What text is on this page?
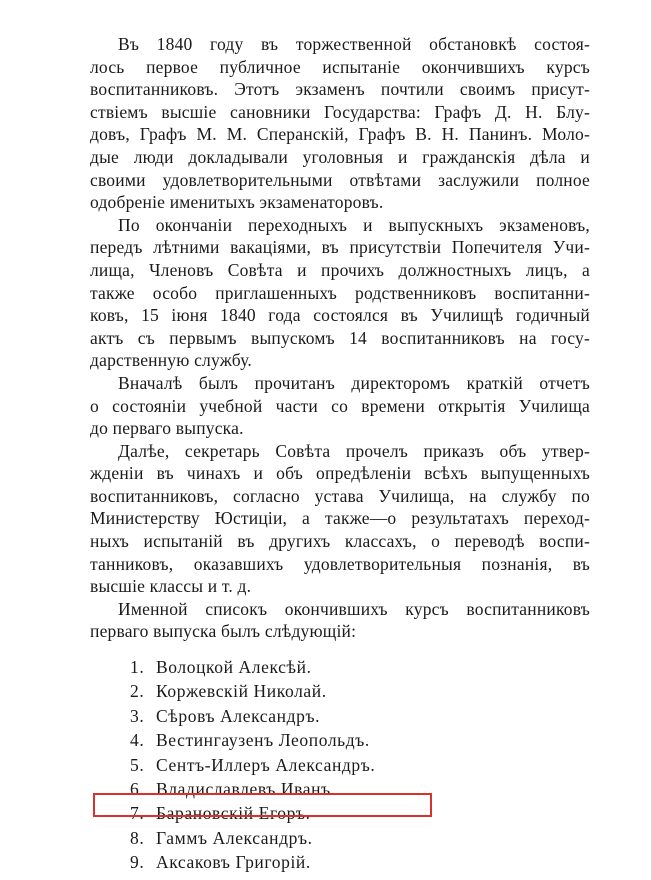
Въ 1840 году въ торжественной обстановкѣ состоя-
лось первое публичное испытаніе окончившихъ курсъ
воспитанниковъ. Этотъ экзаменъ почтили своимъ присут-
ствіемъ высшіе сановники Государства: Графъ Д. Н. Блу-
довъ, Графъ М. М. Сперанскій, Графъ В. Н. Панинъ. Моло-
дые люди докладывали уголовныя и гражданскія дѣла и
своими удовлетворительными отвѣтами заслужили полное
одобреніе именитыхъ экзаменаторовъ.
По окончаніи переходныхъ и выпускныхъ экзаменовъ,
передъ лѣтними вакаціями, въ присутствіи Попечителя Учи-
лища, Членовъ Совѣта и прочихъ должностныхъ лицъ, а
также особо приглашенныхъ родственниковъ воспитанни-
ковъ, 15 іюня 1840 года состоялся въ Училищѣ годичный
актъ съ первымъ выпускомъ 14 воспитанниковъ на госу-
дарственную службу.
Вначалѣ былъ прочитанъ директоромъ краткій отчетъ
о состояніи учебной части со времени открытія Училища
до перваго выпуска.
Далѣе, секретарь Совѣта прочелъ приказъ объ утвер-
жденіи въ чинахъ и объ опредѣленіи всѣхъ выпущенныхъ
воспитанниковъ, согласно устава Училища, на службу по
Министерству Юстиціи, а также—о результатахъ переход-
ныхъ испытаній въ другихъ классахъ, о переводѣ воспи-
танниковъ, оказавшихъ удовлетворительныя познанія, въ
высшіе классы и т. д.
Именной списокъ окончившихъ курсъ воспитанниковъ
перваго выпуска былъ слѣдующій:
1. Волоцкой Алексѣй.
2. Коржевскій Николай.
3. Сѣровъ Александръ.
4. Вестингаузенъ Леопольдъ.
5. Сентъ-Иллеръ Александръ.
6. Владиславлевъ Иванъ.
7. Барановскій Егоръ.
8. Гаммъ Александръ.
9. Аксаковъ Григорій.
